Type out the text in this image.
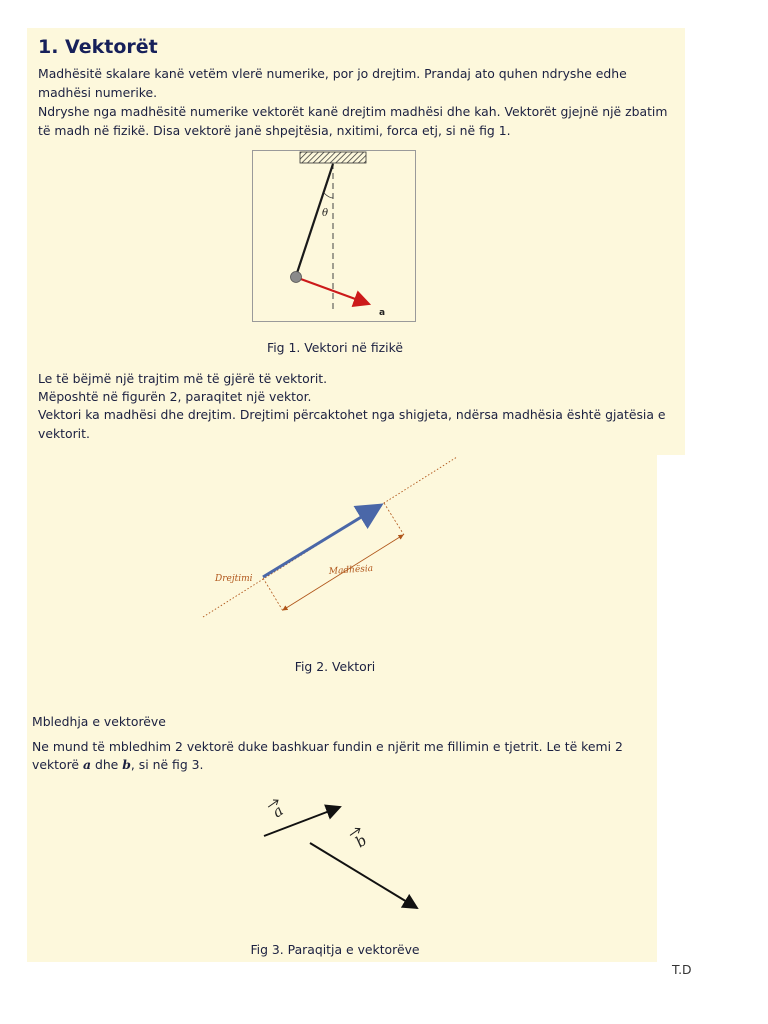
1. Vektorët

Madhësitë skalare kanë vetëm vlerë numerike, por jo drejtim. Prandaj ato quhen ndryshe edhe madhësi numerike.

Ndryshe nga madhësitë numerike vektorët kanë drejtim madhësi dhe kah. Vektorët gjejnë një zbatim të madh në fizikë. Disa vektorë janë shpejtësia, nxitimi, forca etj, si në fig 1.

θ
a
Fig 1. Vektori në fizikë

Le të bëjmë një trajtim më të gjërë të vektorit.

Mëposhtë në figurën 2, paraqitet një vektor.

Vektori ka madhësi dhe drejtim. Drejtimi përcaktohet nga shigjeta, ndërsa madhësia është gjatësia e vektorit.

Drejtimi
Madhësia
Fig 2. Vektori
Mbledhja e vektorëve

Ne mund të mbledhim 2 vektorë duke bashkuar fundin e njërit me fillimin e tjetrit. Le të kemi 2

vektorë a dhe b, si në fig 3.

a
b
Fig 3. Paraqitja e vektorëve
T.D
